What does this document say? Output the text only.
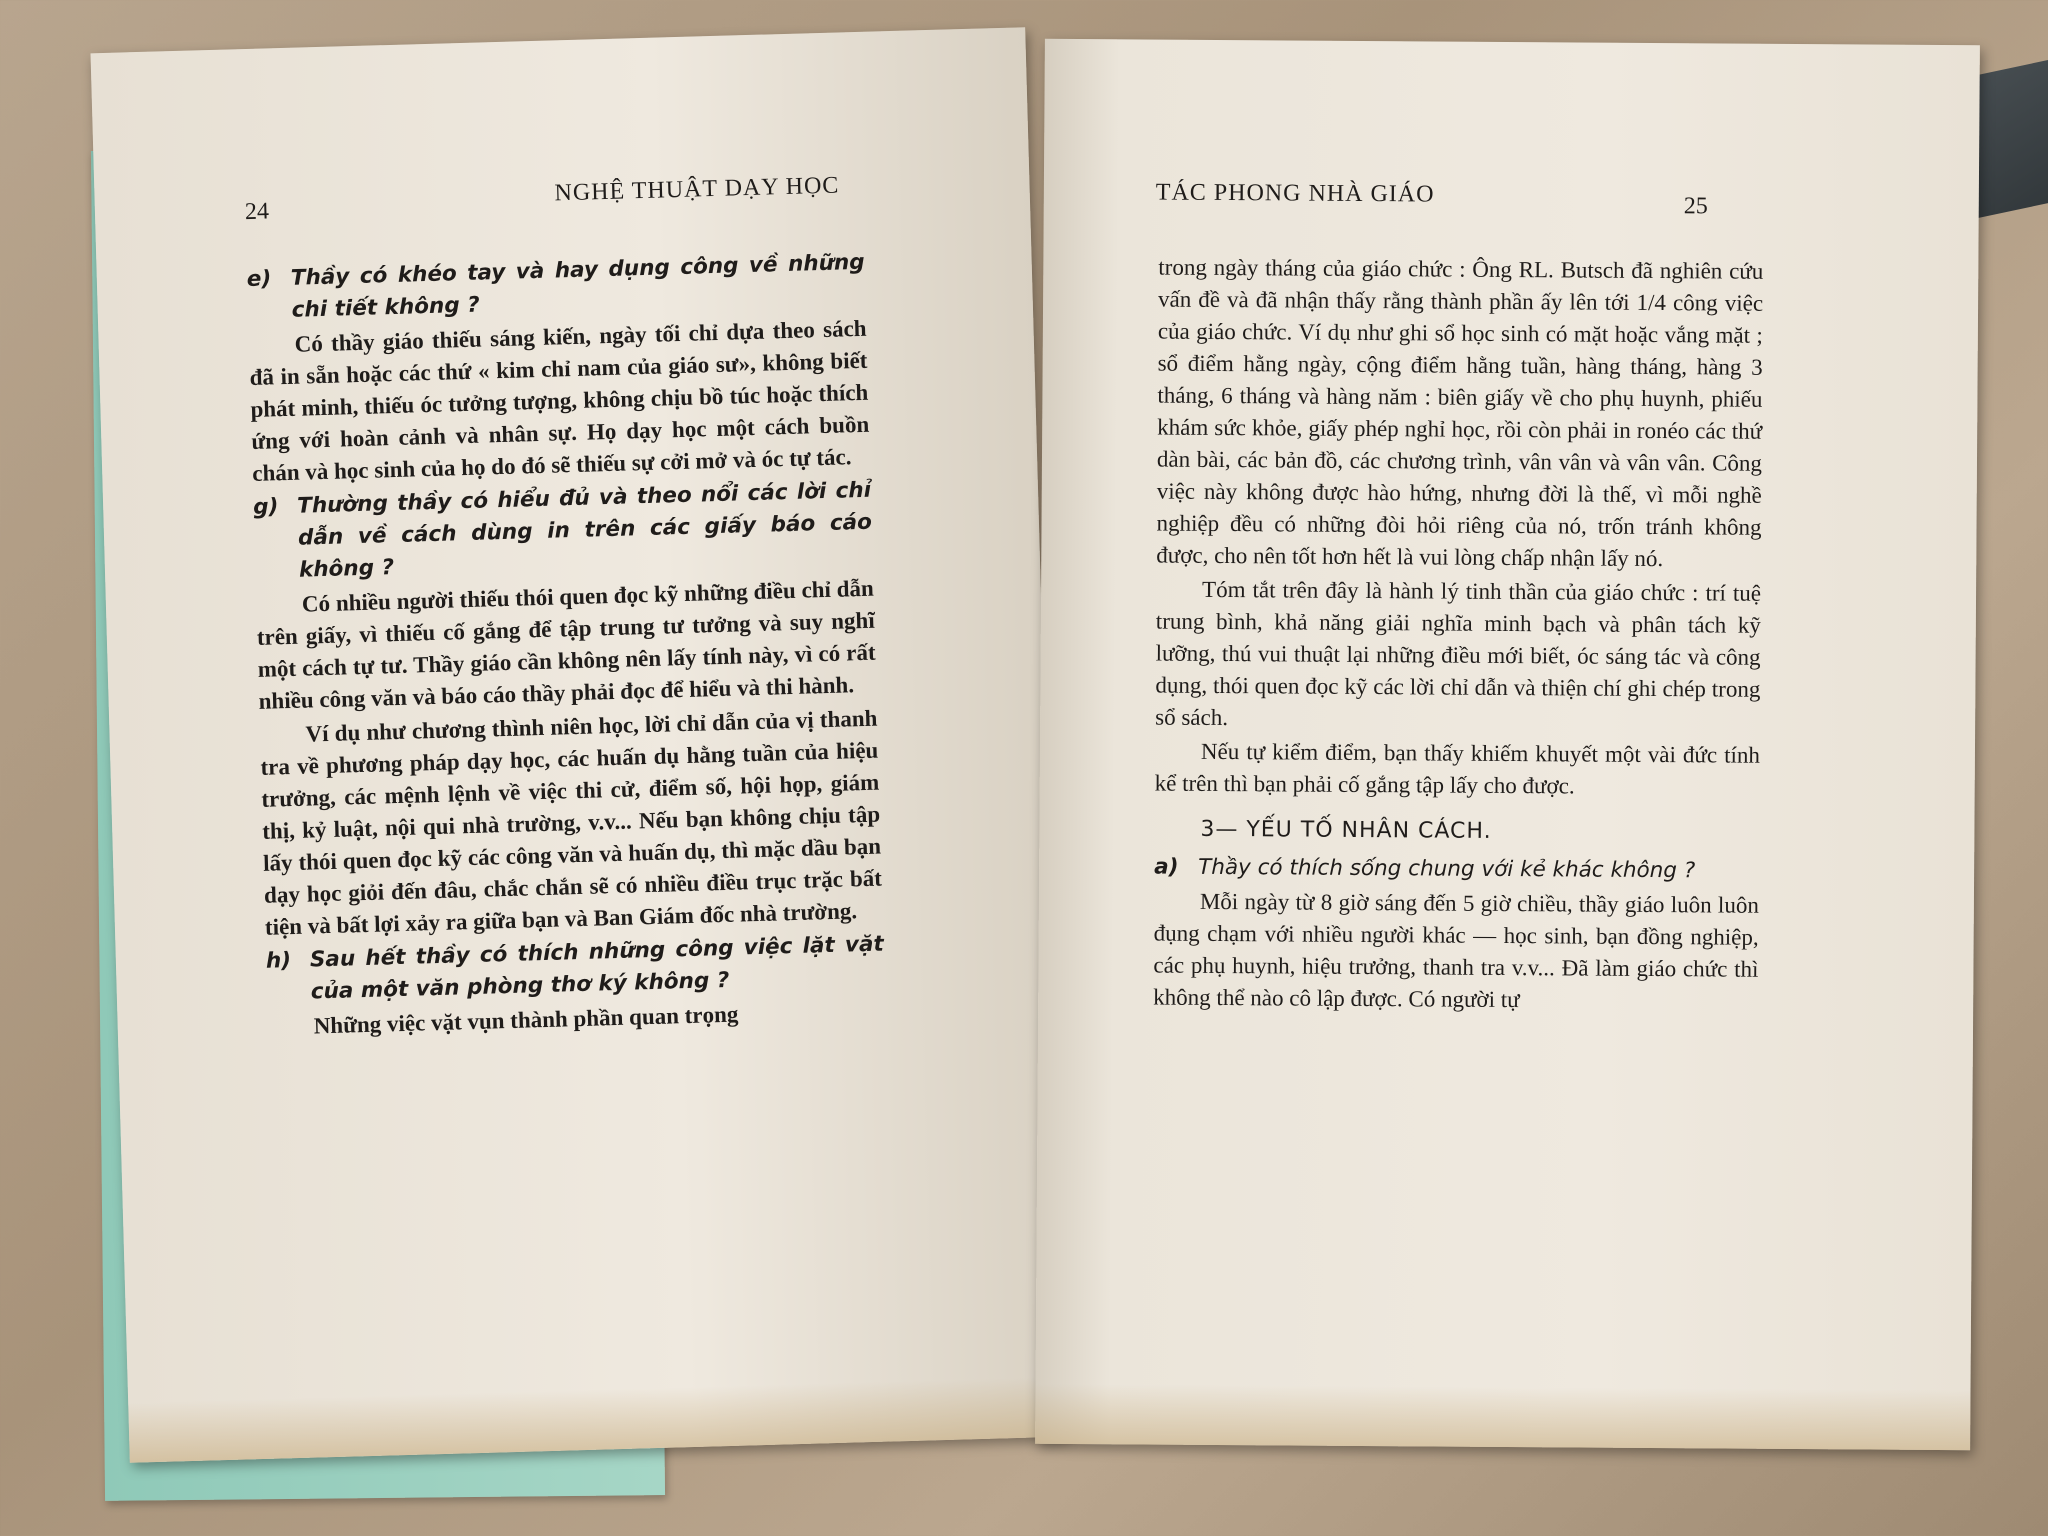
24
NGHỆ THUẬT DẠY HỌC

e) Thầy có khéo tay và hay dụng công về những chi tiết không ?

Có thầy giáo thiếu sáng kiến, ngày tối chỉ dựa theo sách đã in sẵn hoặc các thứ « kim chỉ nam của giáo sư», không biết phát minh, thiếu óc tưởng tượng, không chịu bồ túc hoặc thích ứng với hoàn cảnh và nhân sự. Họ dạy học một cách buồn chán và học sinh của họ do đó sẽ thiếu sự cởi mở và óc tự tác.

g) Thường thầy có hiểu đủ và theo nổi các lời chỉ dẫn về cách dùng in trên các giấy báo cáo không ?

Có nhiều người thiếu thói quen đọc kỹ những điều chỉ dẫn trên giấy, vì thiếu cố gắng để tập trung tư tưởng và suy nghĩ một cách tự tư. Thầy giáo cần không nên lấy tính này, vì có rất nhiều công văn và báo cáo thầy phải đọc để hiểu và thi hành.

Ví dụ như chương thình niên học, lời chỉ dẫn của vị thanh tra về phương pháp dạy học, các huấn dụ hằng tuần của hiệu trưởng, các mệnh lệnh về việc thi cử, điểm số, hội họp, giám thị, kỷ luật, nội qui nhà trường, v.v... Nếu bạn không chịu tập lấy thói quen đọc kỹ các công văn và huấn dụ, thì mặc dầu bạn dạy học giỏi đến đâu, chắc chắn sẽ có nhiều điều trục trặc bất tiện và bất lợi xảy ra giữa bạn và Ban Giám đốc nhà trường.

h) Sau hết thầy có thích những công việc lặt vặt của một văn phòng thơ ký không ?

Những việc vặt vụn thành phần quan trọng

TÁC PHONG NHÀ GIÁO	25

trong ngày tháng của giáo chức : Ông RL. Butsch đã nghiên cứu vấn đề và đã nhận thấy rằng thành phần ấy lên tới 1/4 công việc của giáo chức. Ví dụ như ghi sổ học sinh có mặt hoặc vắng mặt ; sổ điểm hằng ngày, cộng điểm hằng tuần, hàng tháng, hàng 3 tháng, 6 tháng và hàng năm : biên giấy về cho phụ huynh, phiếu khám sức khỏe, giấy phép nghỉ học, rồi còn phải in ronéo các thứ dàn bài, các bản đồ, các chương trình, vân vân và vân vân. Công việc này không được hào hứng, nhưng đời là thế, vì mỗi nghề nghiệp đều có những đòi hỏi riêng của nó, trốn tránh không được, cho nên tốt hơn hết là vui lòng chấp nhận lấy nó.

Tóm tắt trên đây là hành lý tinh thần của giáo chức : trí tuệ trung bình, khả năng giải nghĩa minh bạch và phân tách kỹ lưỡng, thú vui thuật lại những điều mới biết, óc sáng tác và công dụng, thói quen đọc kỹ các lời chỉ dẫn và thiện chí ghi chép trong sổ sách.

Nếu tự kiểm điểm, bạn thấy khiếm khuyết một vài đức tính kể trên thì bạn phải cố gắng tập lấy cho được.

3— YẾU TỐ NHÂN CÁCH.

a) Thầy có thích sống chung với kẻ khác không ?

Mỗi ngày từ 8 giờ sáng đến 5 giờ chiều, thầy giáo luôn luôn đụng chạm với nhiều người khác — học sinh, bạn đồng nghiệp, các phụ huynh, hiệu trưởng, thanh tra v.v... Đã làm giáo chức thì không thể nào cô lập được. Có người tự
